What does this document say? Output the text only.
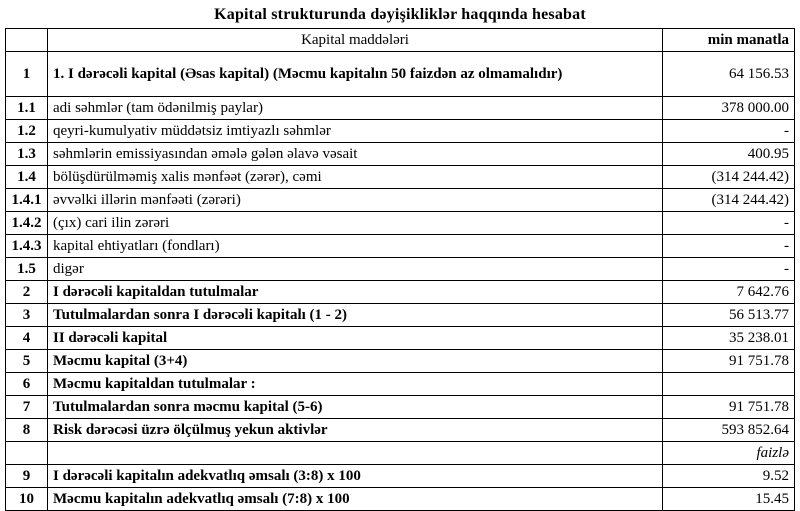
Kapital strukturunda dəyişikliklər haqqında hesabat
	Kapital maddələri	min manatla
1	1. I dərəcəli kapital (Əsas kapital) (Məcmu kapitalın 50 faizdən az olmamalıdır)	64 156.53
1.1	adi səhmlər (tam ödənilmiş paylar)	378 000.00
1.2	qeyri-kumulyativ müddətsiz imtiyazlı səhmlər	-
1.3	səhmlərin emissiyasından əmələ gələn əlavə vəsait	400.95
1.4	bölüşdürülməmiş xalis mənfəət (zərər), cəmi	(314 244.42)
1.4.1	əvvəlki illərin mənfəəti (zərəri)	(314 244.42)
1.4.2	(çıx) cari ilin zərəri	-
1.4.3	kapital ehtiyatları (fondları)	-
1.5	digər	-
2	I dərəcəli kapitaldan tutulmalar	7 642.76
3	Tutulmalardan sonra I dərəcəli kapitalı (1 - 2)	56 513.77
4	II dərəcəli kapital	35 238.01
5	Məcmu kapital (3+4)	91 751.78
6	Məcmu kapitaldan tutulmalar :	
7	Tutulmalardan sonra məcmu kapital (5-6)	91 751.78
8	Risk dərəcəsi üzrə ölçülmuş yekun aktivlər	593 852.64
		faizlə
9	I dərəcəli kapitalın adekvatlıq əmsalı (3:8) x 100	9.52
10	Məcmu kapitalın adekvatlıq əmsalı (7:8) x 100	15.45
